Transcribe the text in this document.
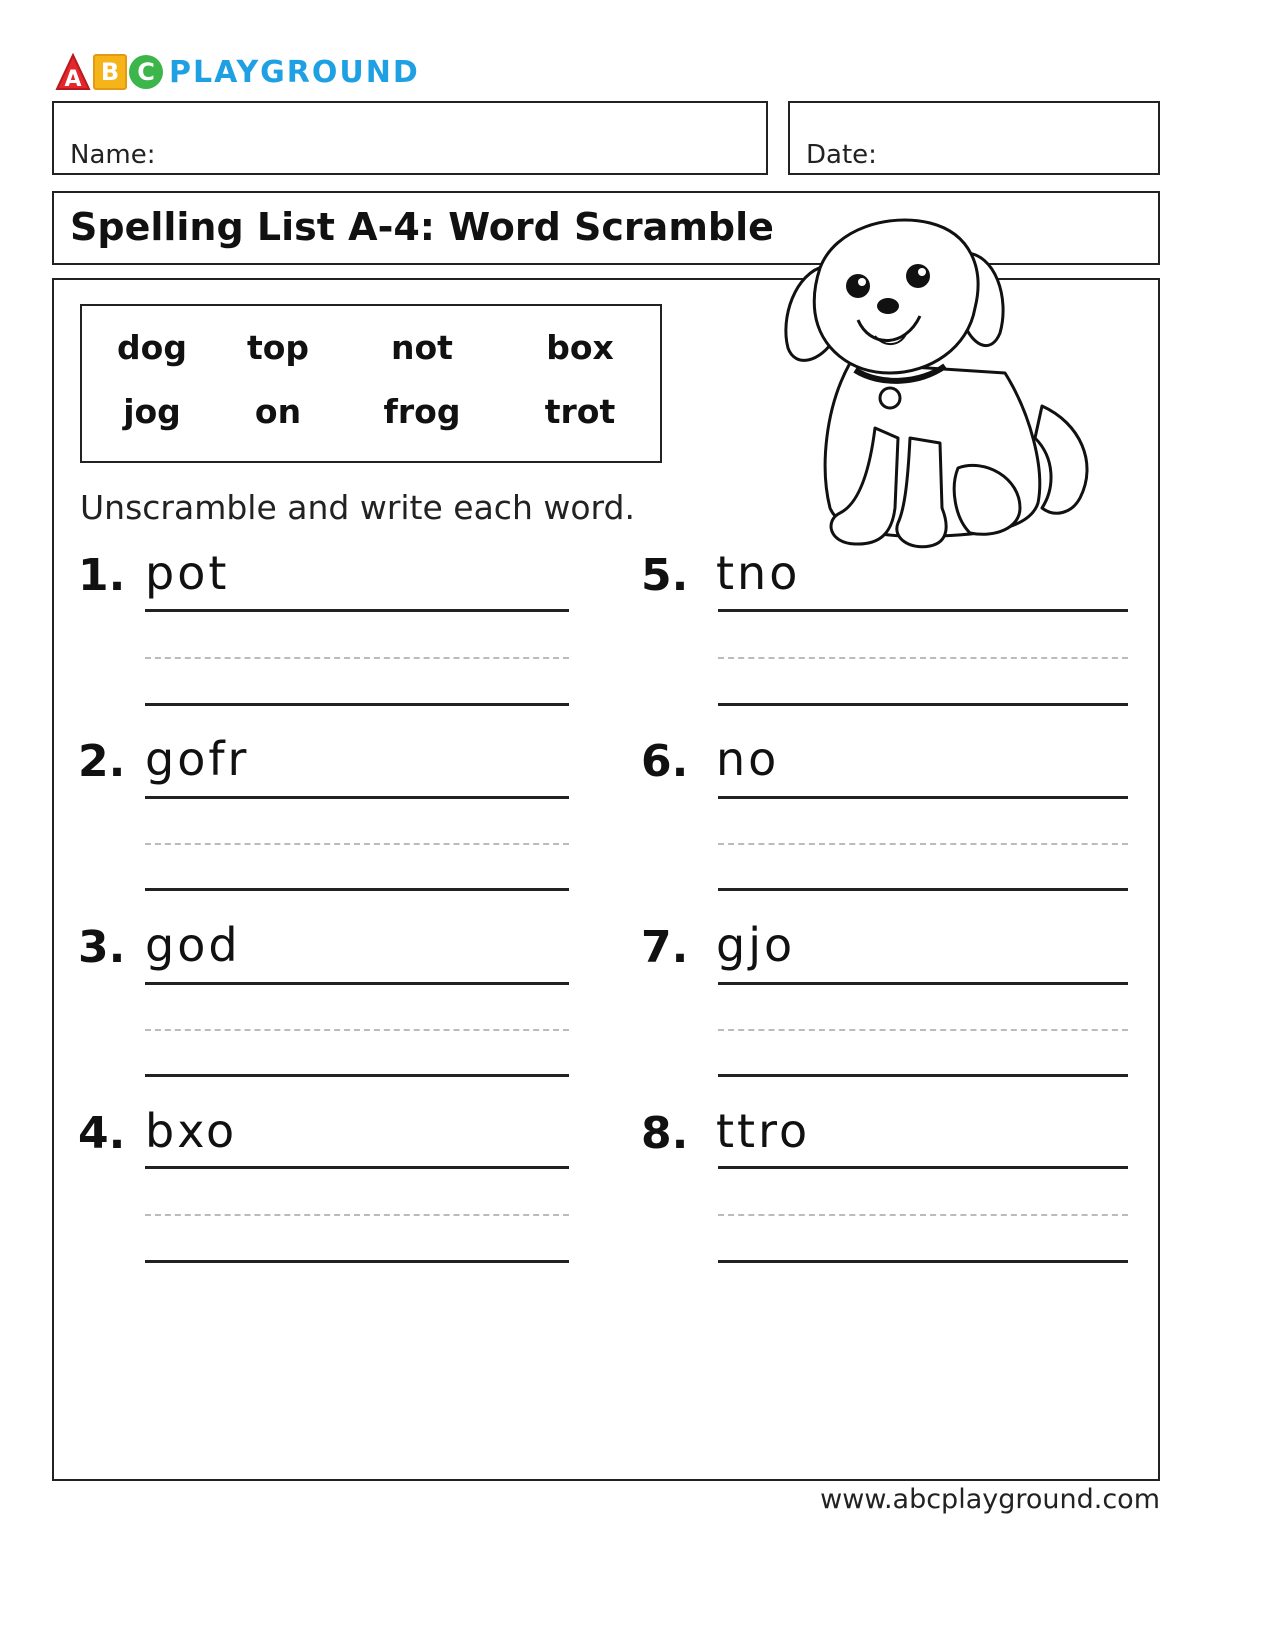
A B C PLAYGROUND
Name:	Date:
Spelling List A-4: Word Scramble
dog	top	not	box
jog	on	frog	trot
Unscramble and write each word.
1. pot
2. gofr
3. god
4. bxo
5. tno
6. no
7. gjo
8. ttro
www.abcplayground.com
